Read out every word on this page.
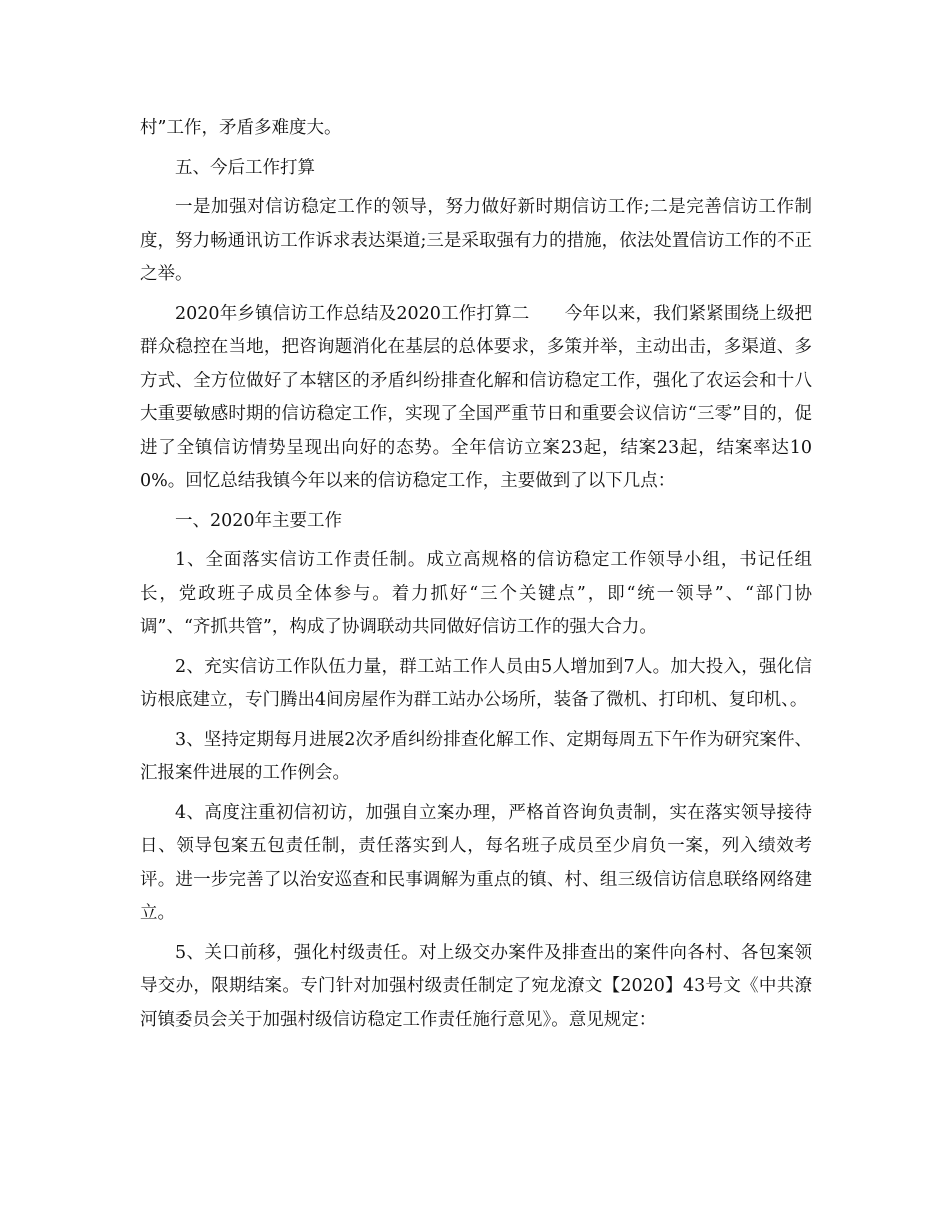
村”工作，矛盾多难度大。

五、今后工作打算

一是加强对信访稳定工作的领导，努力做好新时期信访工作;二是完善信访工作制度，努力畅通讯访工作诉求表达渠道;三是采取强有力的措施，依法处置信访工作的不正之举。

2020年乡镇信访工作总结及2020工作打算二　　今年以来，我们紧紧围绕上级把群众稳控在当地，把咨询题消化在基层的总体要求，多策并举，主动出击，多渠道、多方式、全方位做好了本辖区的矛盾纠纷排查化解和信访稳定工作，强化了农运会和十八大重要敏感时期的信访稳定工作，实现了全国严重节日和重要会议信访“三零”目的，促进了全镇信访情势呈现出向好的态势。全年信访立案23起，结案23起，结案率达100%。回忆总结我镇今年以来的信访稳定工作，主要做到了以下几点：

一、2020年主要工作

1、全面落实信访工作责任制。成立高规格的信访稳定工作领导小组，书记任组长，党政班子成员全体参与。着力抓好“三个关键点”，即“统一领导”、“部门协调”、“齐抓共管”，构成了协调联动共同做好信访工作的强大合力。

2、充实信访工作队伍力量，群工站工作人员由5人增加到7人。加大投入，强化信访根底建立，专门腾出4间房屋作为群工站办公场所，装备了微机、打印机、复印机、。

3、坚持定期每月进展2次矛盾纠纷排查化解工作、定期每周五下午作为研究案件、汇报案件进展的工作例会。

4、高度注重初信初访，加强自立案办理，严格首咨询负责制，实在落实领导接待日、领导包案五包责任制，责任落实到人，每名班子成员至少肩负一案，列入绩效考评。进一步完善了以治安巡查和民事调解为重点的镇、村、组三级信访信息联络网络建立。

5、关口前移，强化村级责任。对上级交办案件及排查出的案件向各村、各包案领导交办，限期结案。专门针对加强村级责任制定了宛龙潦文【2020】43号文《中共潦河镇委员会关于加强村级信访稳定工作责任施行意见》。意见规定：
